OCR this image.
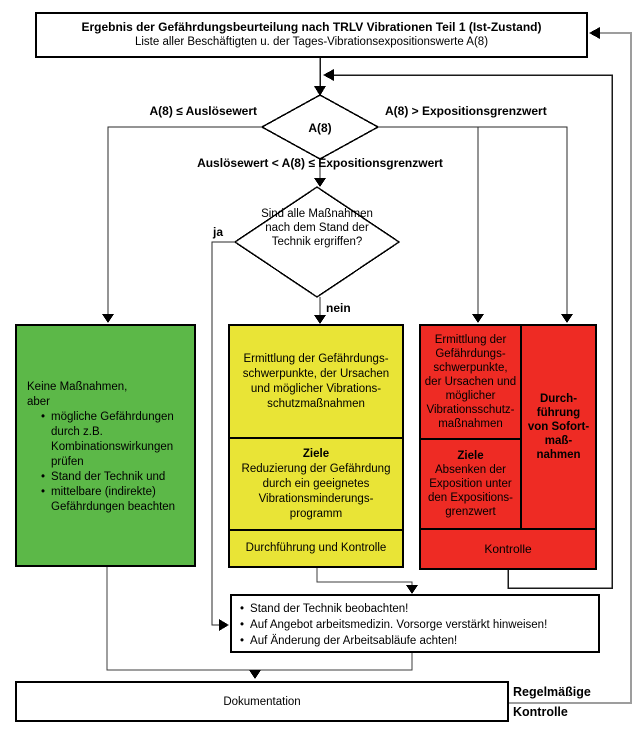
Ergebnis der Gefährdungsbeurteilung nach TRLV Vibrationen Teil 1 (Ist-Zustand)
Liste aller Beschäftigten u. der Tages-Vibrationsexpositionswerte A(8)
A(8)
A(8) ≤ Auslösewert	A(8) > Expositionsgrenzwert
Auslösewert < A(8) ≤ Expositionsgrenzwert
Sind alle Maßnahmen nach dem Stand der Technik ergriffen?
ja
nein
Keine Maßnahmen,
aber
• mögliche Gefährdungen durch z.B. Kombinationswirkungen prüfen
• Stand der Technik und
• mittelbare (indirekte) Gefährdungen beachten
Ermittlung der Gefährdungs-schwerpunkte, der Ursachen und möglicher Vibrations-schutzmaßnahmen
Ziele
Reduzierung der Gefährdung durch ein geeignetes Vibrationsminderungs-programm
Durchführung und Kontrolle
Ermittlung der Gefährdungs-schwerpunkte, der Ursachen und möglicher Vibrationsschutz-maßnahmen
Ziele
Absenken der Exposition unter den Expositions-grenzwert
Durch-führung von Sofort-maß-nahmen
Kontrolle
• Stand der Technik beobachten!
• Auf Angebot arbeitsmedizin. Vorsorge verstärkt hinweisen!
• Auf Änderung der Arbeitsabläufe achten!
Dokumentation
Regelmäßige
Kontrolle
